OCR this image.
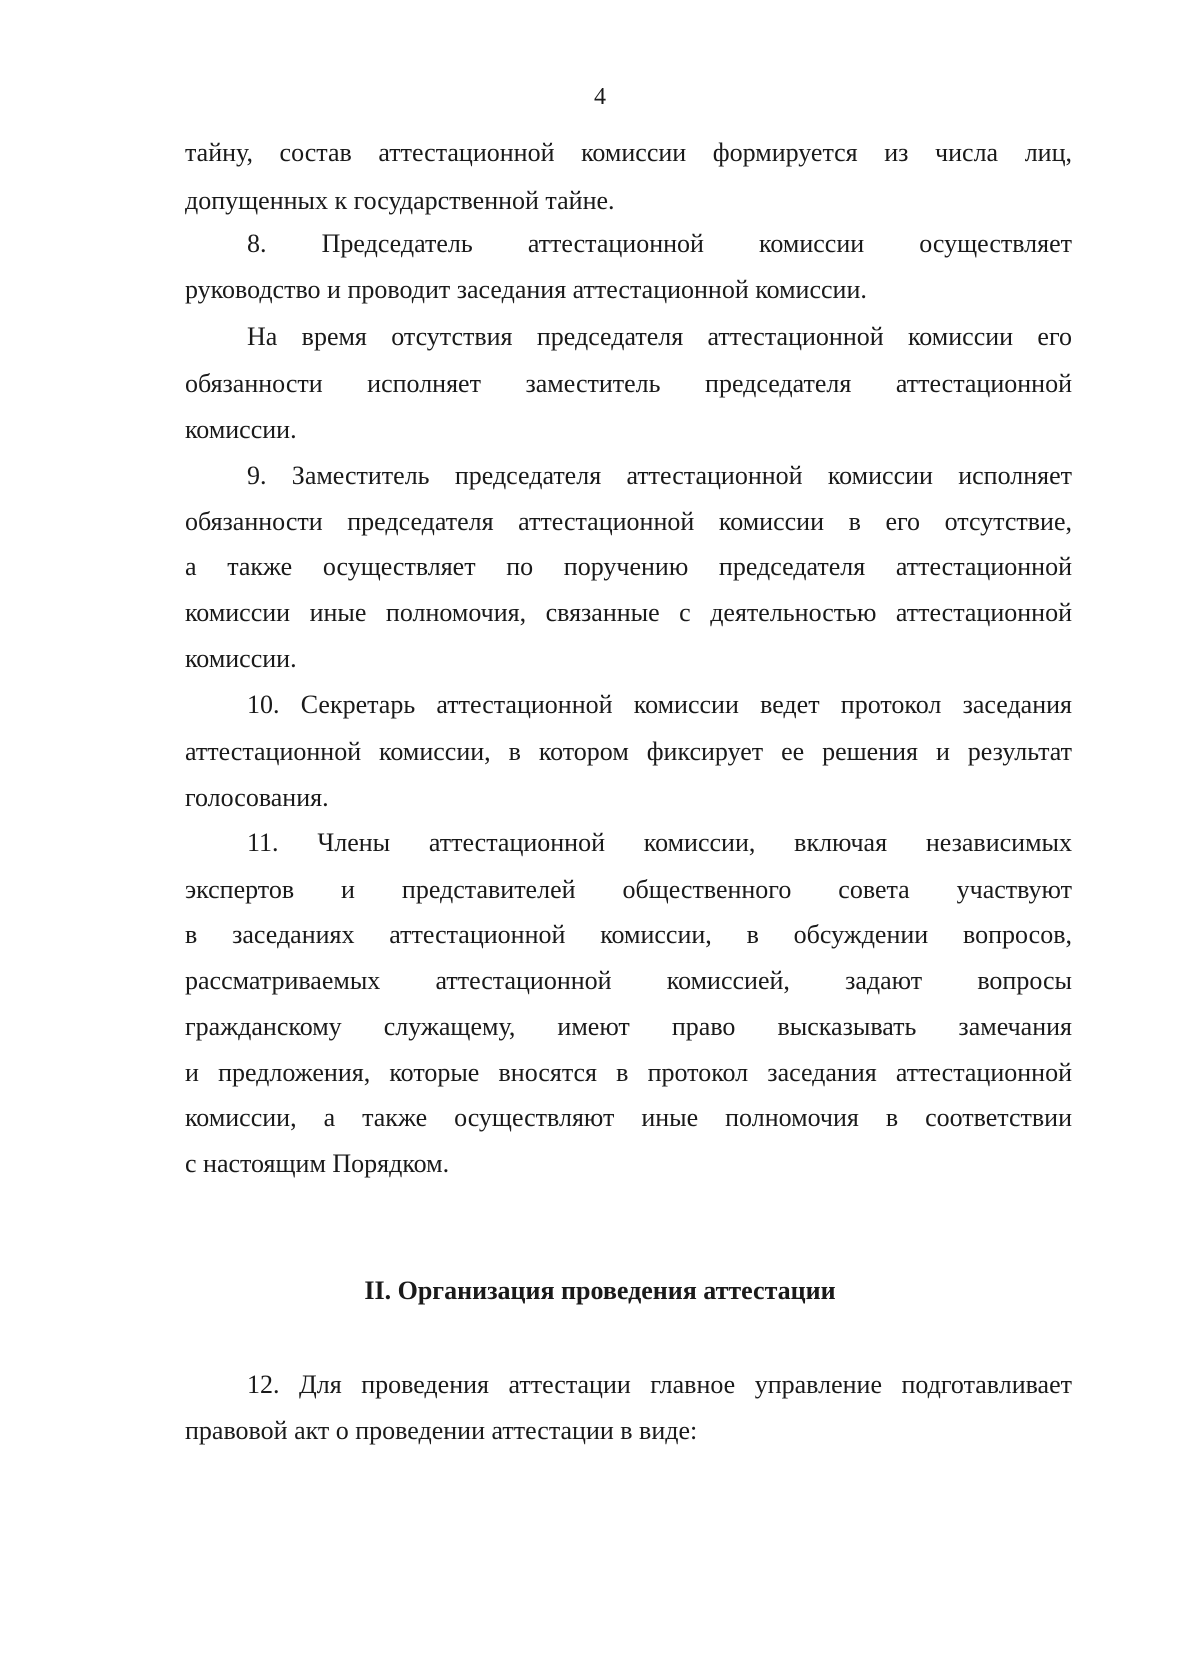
4
тайну, состав аттестационной комиссии формируется из числа лиц,
допущенных к государственной тайне.
8. Председатель аттестационной комиссии осуществляет
руководство и проводит заседания аттестационной комиссии.
На время отсутствия председателя аттестационной комиссии его
обязанности исполняет заместитель председателя аттестационной
комиссии.
9. Заместитель председателя аттестационной комиссии исполняет
обязанности председателя аттестационной комиссии в его отсутствие,
а также осуществляет по поручению председателя аттестационной
комиссии иные полномочия, связанные с деятельностью аттестационной
комиссии.
10. Секретарь аттестационной комиссии ведет протокол заседания
аттестационной комиссии, в котором фиксирует ее решения и результат
голосования.
11. Члены аттестационной комиссии, включая независимых
экспертов и представителей общественного совета участвуют
в заседаниях аттестационной комиссии, в обсуждении вопросов,
рассматриваемых аттестационной комиссией, задают вопросы
гражданскому служащему, имеют право высказывать замечания
и предложения, которые вносятся в протокол заседания аттестационной
комиссии, а также осуществляют иные полномочия в соответствии
с настоящим Порядком.
II. Организация проведения аттестации
12. Для проведения аттестации главное управление подготавливает
правовой акт о проведении аттестации в виде:
